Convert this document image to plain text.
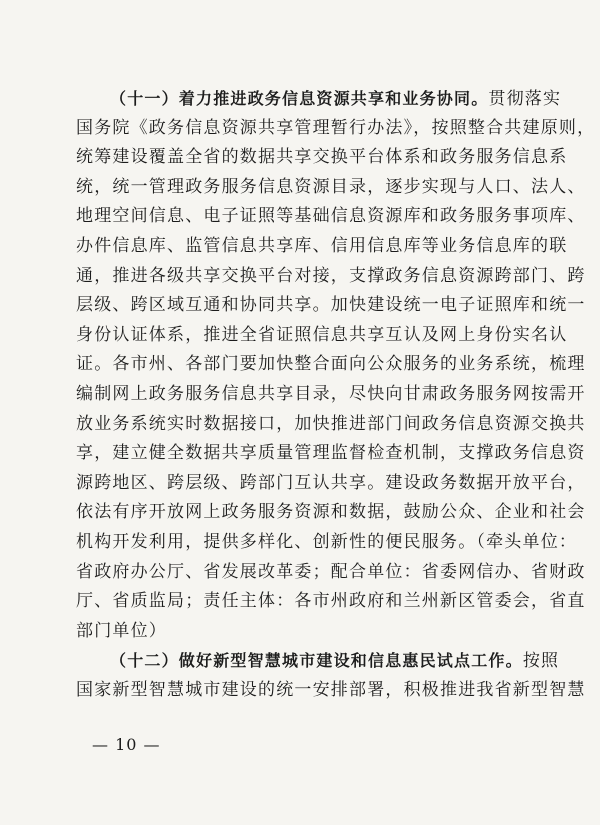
（十一）着力推进政务信息资源共享和业务协同。贯彻落实
国务院《政务信息资源共享管理暂行办法》，按照整合共建原则，
统筹建设覆盖全省的数据共享交换平台体系和政务服务信息系
统，统一管理政务服务信息资源目录，逐步实现与人口、法人、
地理空间信息、电子证照等基础信息资源库和政务服务事项库、
办件信息库、监管信息共享库、信用信息库等业务信息库的联
通，推进各级共享交换平台对接，支撑政务信息资源跨部门、跨
层级、跨区域互通和协同共享。加快建设统一电子证照库和统一
身份认证体系，推进全省证照信息共享互认及网上身份实名认
证。各市州、各部门要加快整合面向公众服务的业务系统，梳理
编制网上政务服务信息共享目录，尽快向甘肃政务服务网按需开
放业务系统实时数据接口，加快推进部门间政务信息资源交换共
享，建立健全数据共享质量管理监督检查机制，支撑政务信息资
源跨地区、跨层级、跨部门互认共享。建设政务数据开放平台，
依法有序开放网上政务服务资源和数据，鼓励公众、企业和社会
机构开发利用，提供多样化、创新性的便民服务。（牵头单位：
省政府办公厅、省发展改革委；配合单位：省委网信办、省财政
厅、省质监局；责任主体：各市州政府和兰州新区管委会，省直
部门单位）
（十二）做好新型智慧城市建设和信息惠民试点工作。按照
国家新型智慧城市建设的统一安排部署，积极推进我省新型智慧
— 10 —
